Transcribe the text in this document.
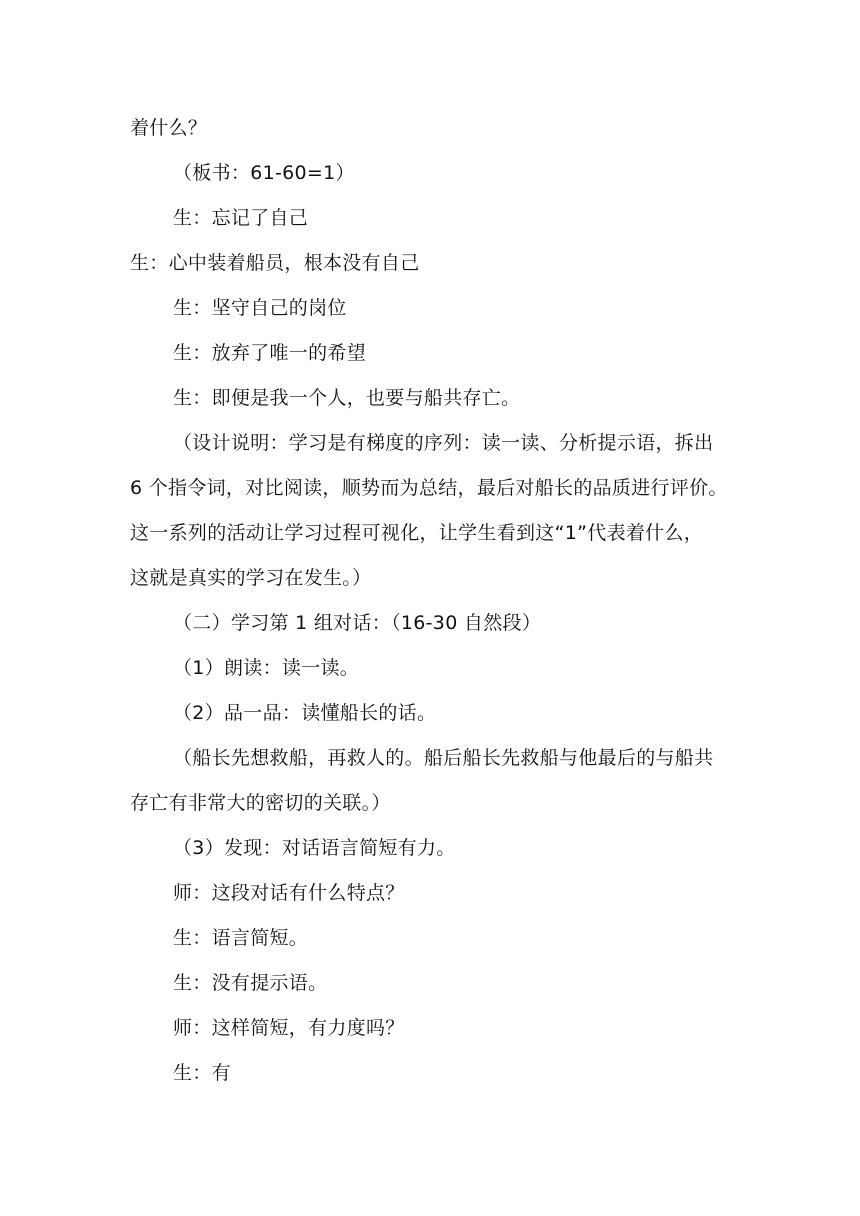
着什么？
（板书：61-60=1）
生：忘记了自己
生：心中装着船员，根本没有自己
生：坚守自己的岗位
生：放弃了唯一的希望
生：即便是我一个人，也要与船共存亡。
（设计说明：学习是有梯度的序列：读一读、分析提示语，拆出
6 个指令词，对比阅读，顺势而为总结，最后对船长的品质进行评价。
这一系列的活动让学习过程可视化，让学生看到这“1”代表着什么，
这就是真实的学习在发生。）
（二）学习第 1 组对话：（16-30 自然段）
（1）朗读：读一读。
（2）品一品：读懂船长的话。
（船长先想救船，再救人的。船后船长先救船与他最后的与船共
存亡有非常大的密切的关联。）
（3）发现：对话语言简短有力。
师：这段对话有什么特点？
生：语言简短。
生：没有提示语。
师：这样简短，有力度吗？
生：有
